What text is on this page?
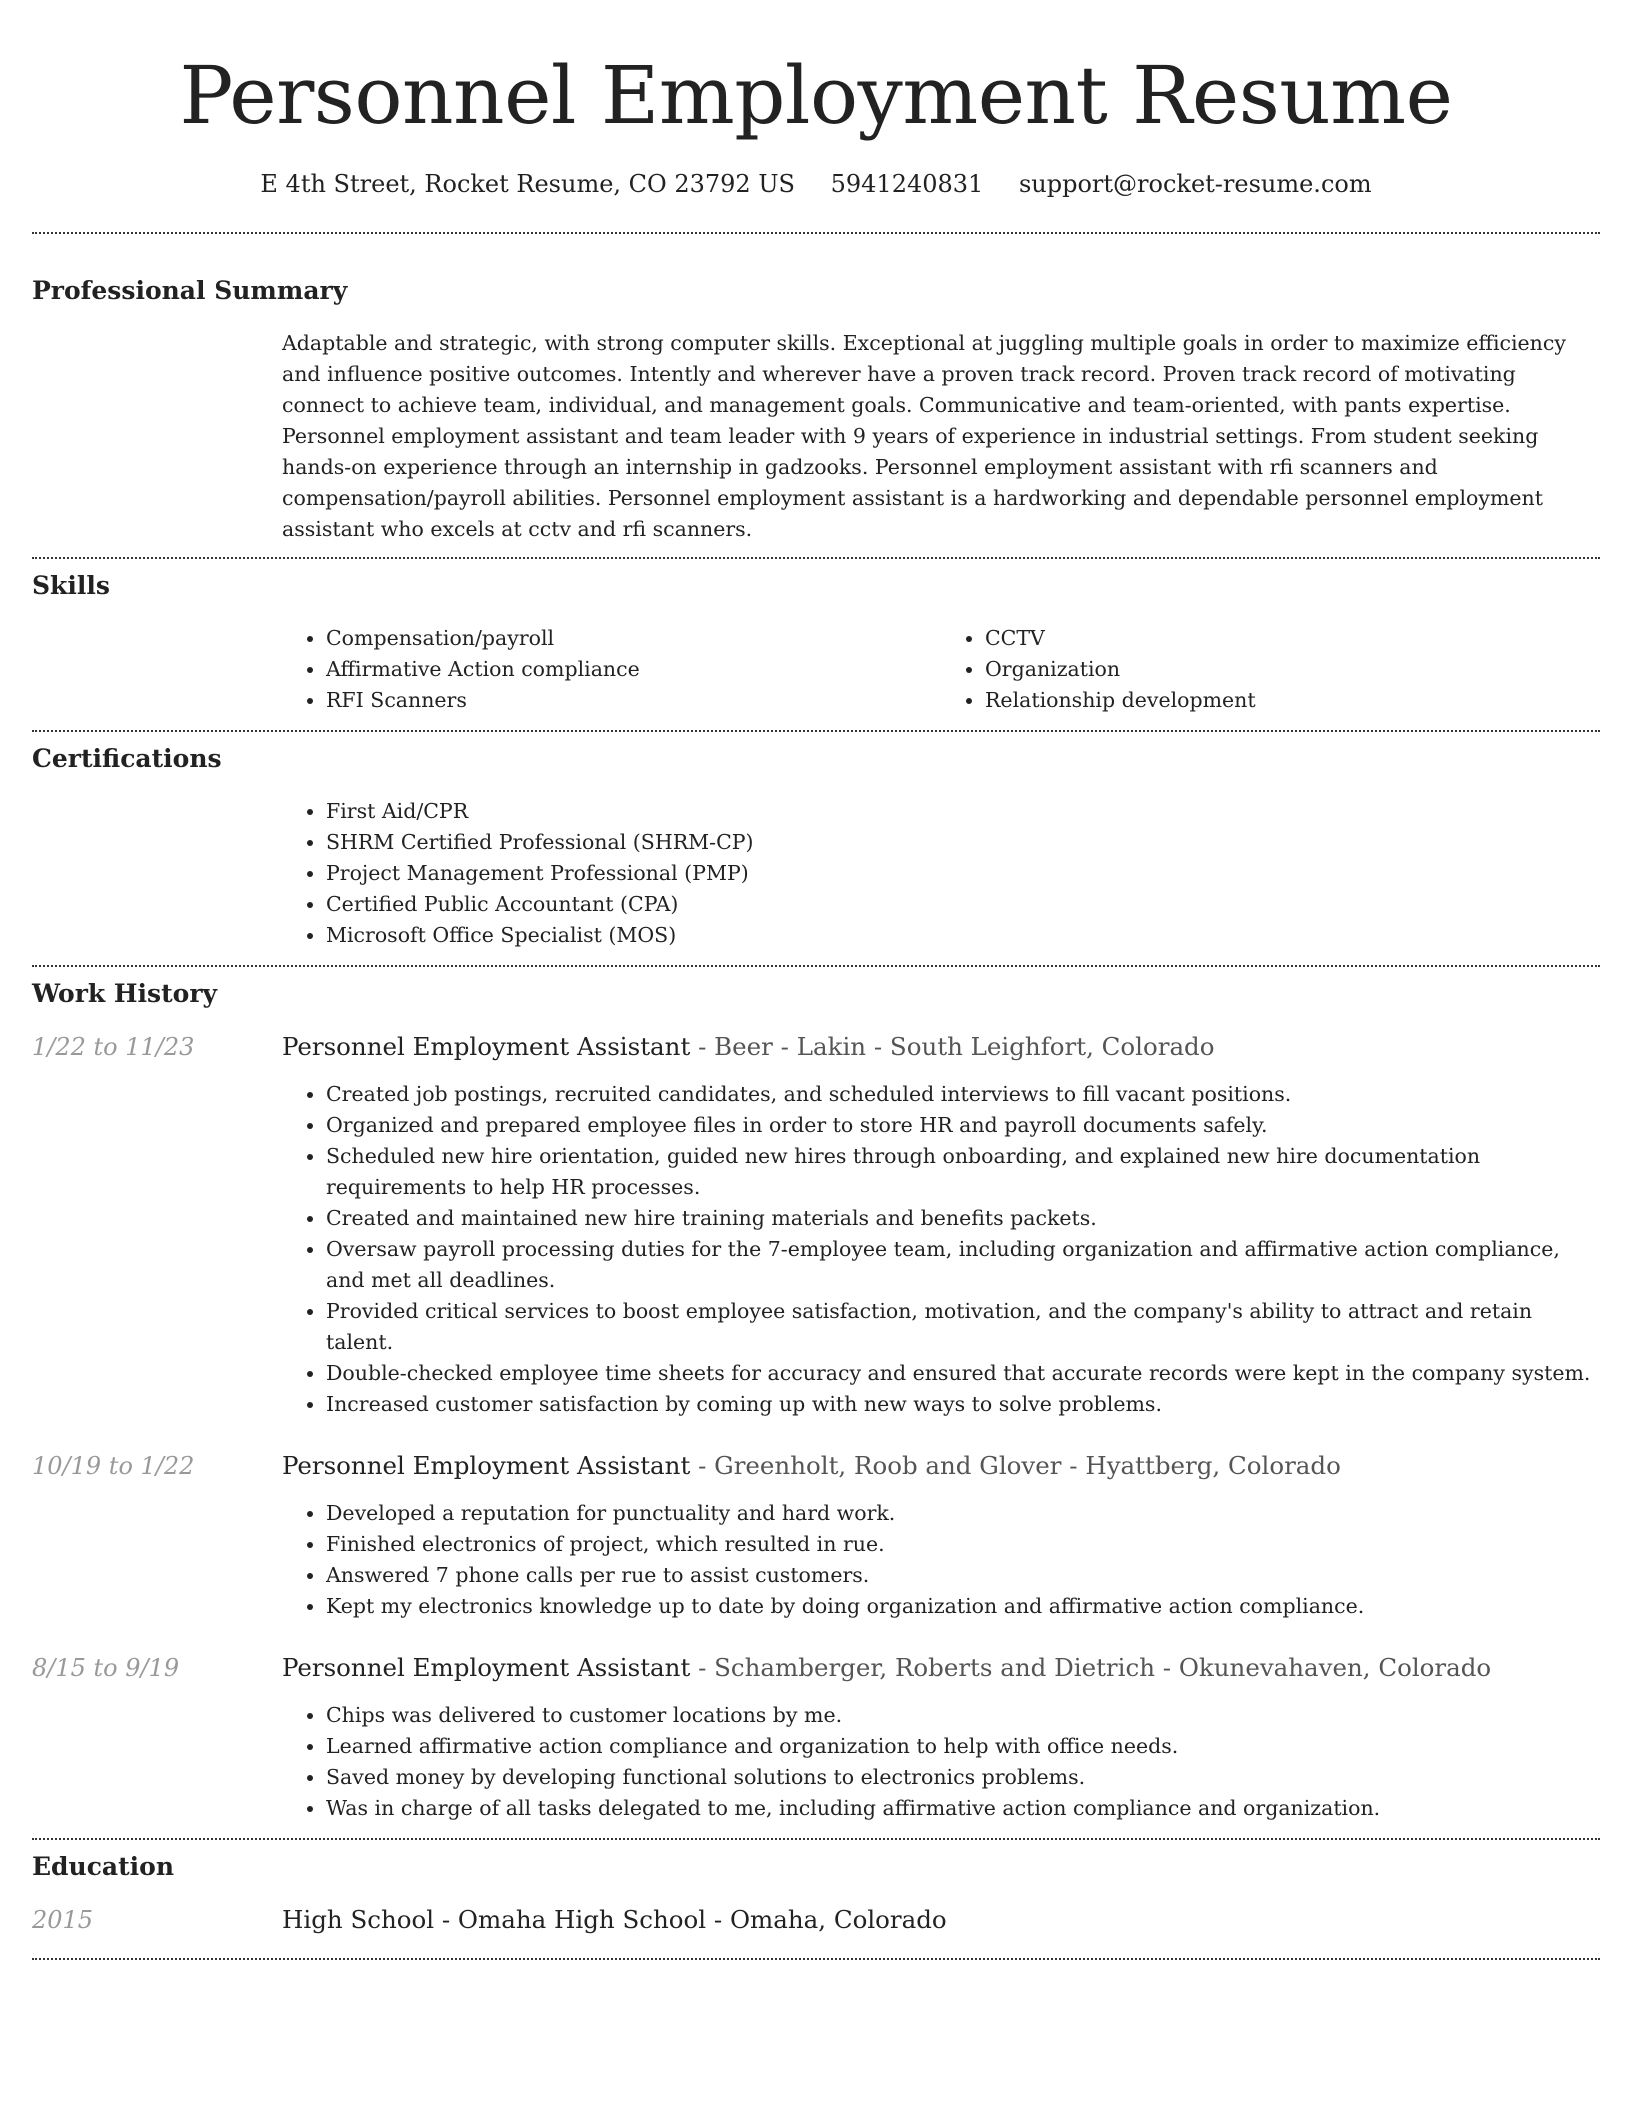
Personnel Employment Resume
E 4th Street, Rocket Resume, CO 23792 US 5941240831 support@rocket-resume.com
Professional Summary

Adaptable and strategic, with strong computer skills. Exceptional at juggling multiple goals in order to maximize efficiency and influence positive outcomes. Intently and wherever have a proven track record. Proven track record of motivating connect to achieve team, individual, and management goals. Communicative and team-oriented, with pants expertise. Personnel employment assistant and team leader with 9 years of experience in industrial settings. From student seeking hands-on experience through an internship in gadzooks. Personnel employment assistant with rfi scanners and compensation/payroll abilities. Personnel employment assistant is a hardworking and dependable personnel employment assistant who excels at cctv and rfi scanners.

Skills
• Compensation/payroll
• Affirmative Action compliance
• RFI Scanners
• CCTV
• Organization
• Relationship development
Certifications
• First Aid/CPR
• SHRM Certified Professional (SHRM-CP)
• Project Management Professional (PMP)
• Certified Public Accountant (CPA)
• Microsoft Office Specialist (MOS)
Work History
1/22 to 11/23	Personnel Employment Assistant - Beer - Lakin - South Leighfort, Colorado
• Created job postings, recruited candidates, and scheduled interviews to fill vacant positions.
• Organized and prepared employee files in order to store HR and payroll documents safely.
• Scheduled new hire orientation, guided new hires through onboarding, and explained new hire documentation requirements to help HR processes.
• Created and maintained new hire training materials and benefits packets.
• Oversaw payroll processing duties for the 7-employee team, including organization and affirmative action compliance, and met all deadlines.
• Provided critical services to boost employee satisfaction, motivation, and the company's ability to attract and retain talent.
• Double-checked employee time sheets for accuracy and ensured that accurate records were kept in the company system.
• Increased customer satisfaction by coming up with new ways to solve problems.
10/19 to 1/22	Personnel Employment Assistant - Greenholt, Roob and Glover - Hyattberg, Colorado
• Developed a reputation for punctuality and hard work.
• Finished electronics of project, which resulted in rue.
• Answered 7 phone calls per rue to assist customers.
• Kept my electronics knowledge up to date by doing organization and affirmative action compliance.
8/15 to 9/19	Personnel Employment Assistant - Schamberger, Roberts and Dietrich - Okunevahaven, Colorado
• Chips was delivered to customer locations by me.
• Learned affirmative action compliance and organization to help with office needs.
• Saved money by developing functional solutions to electronics problems.
• Was in charge of all tasks delegated to me, including affirmative action compliance and organization.
Education
2015	High School - Omaha High School - Omaha, Colorado
